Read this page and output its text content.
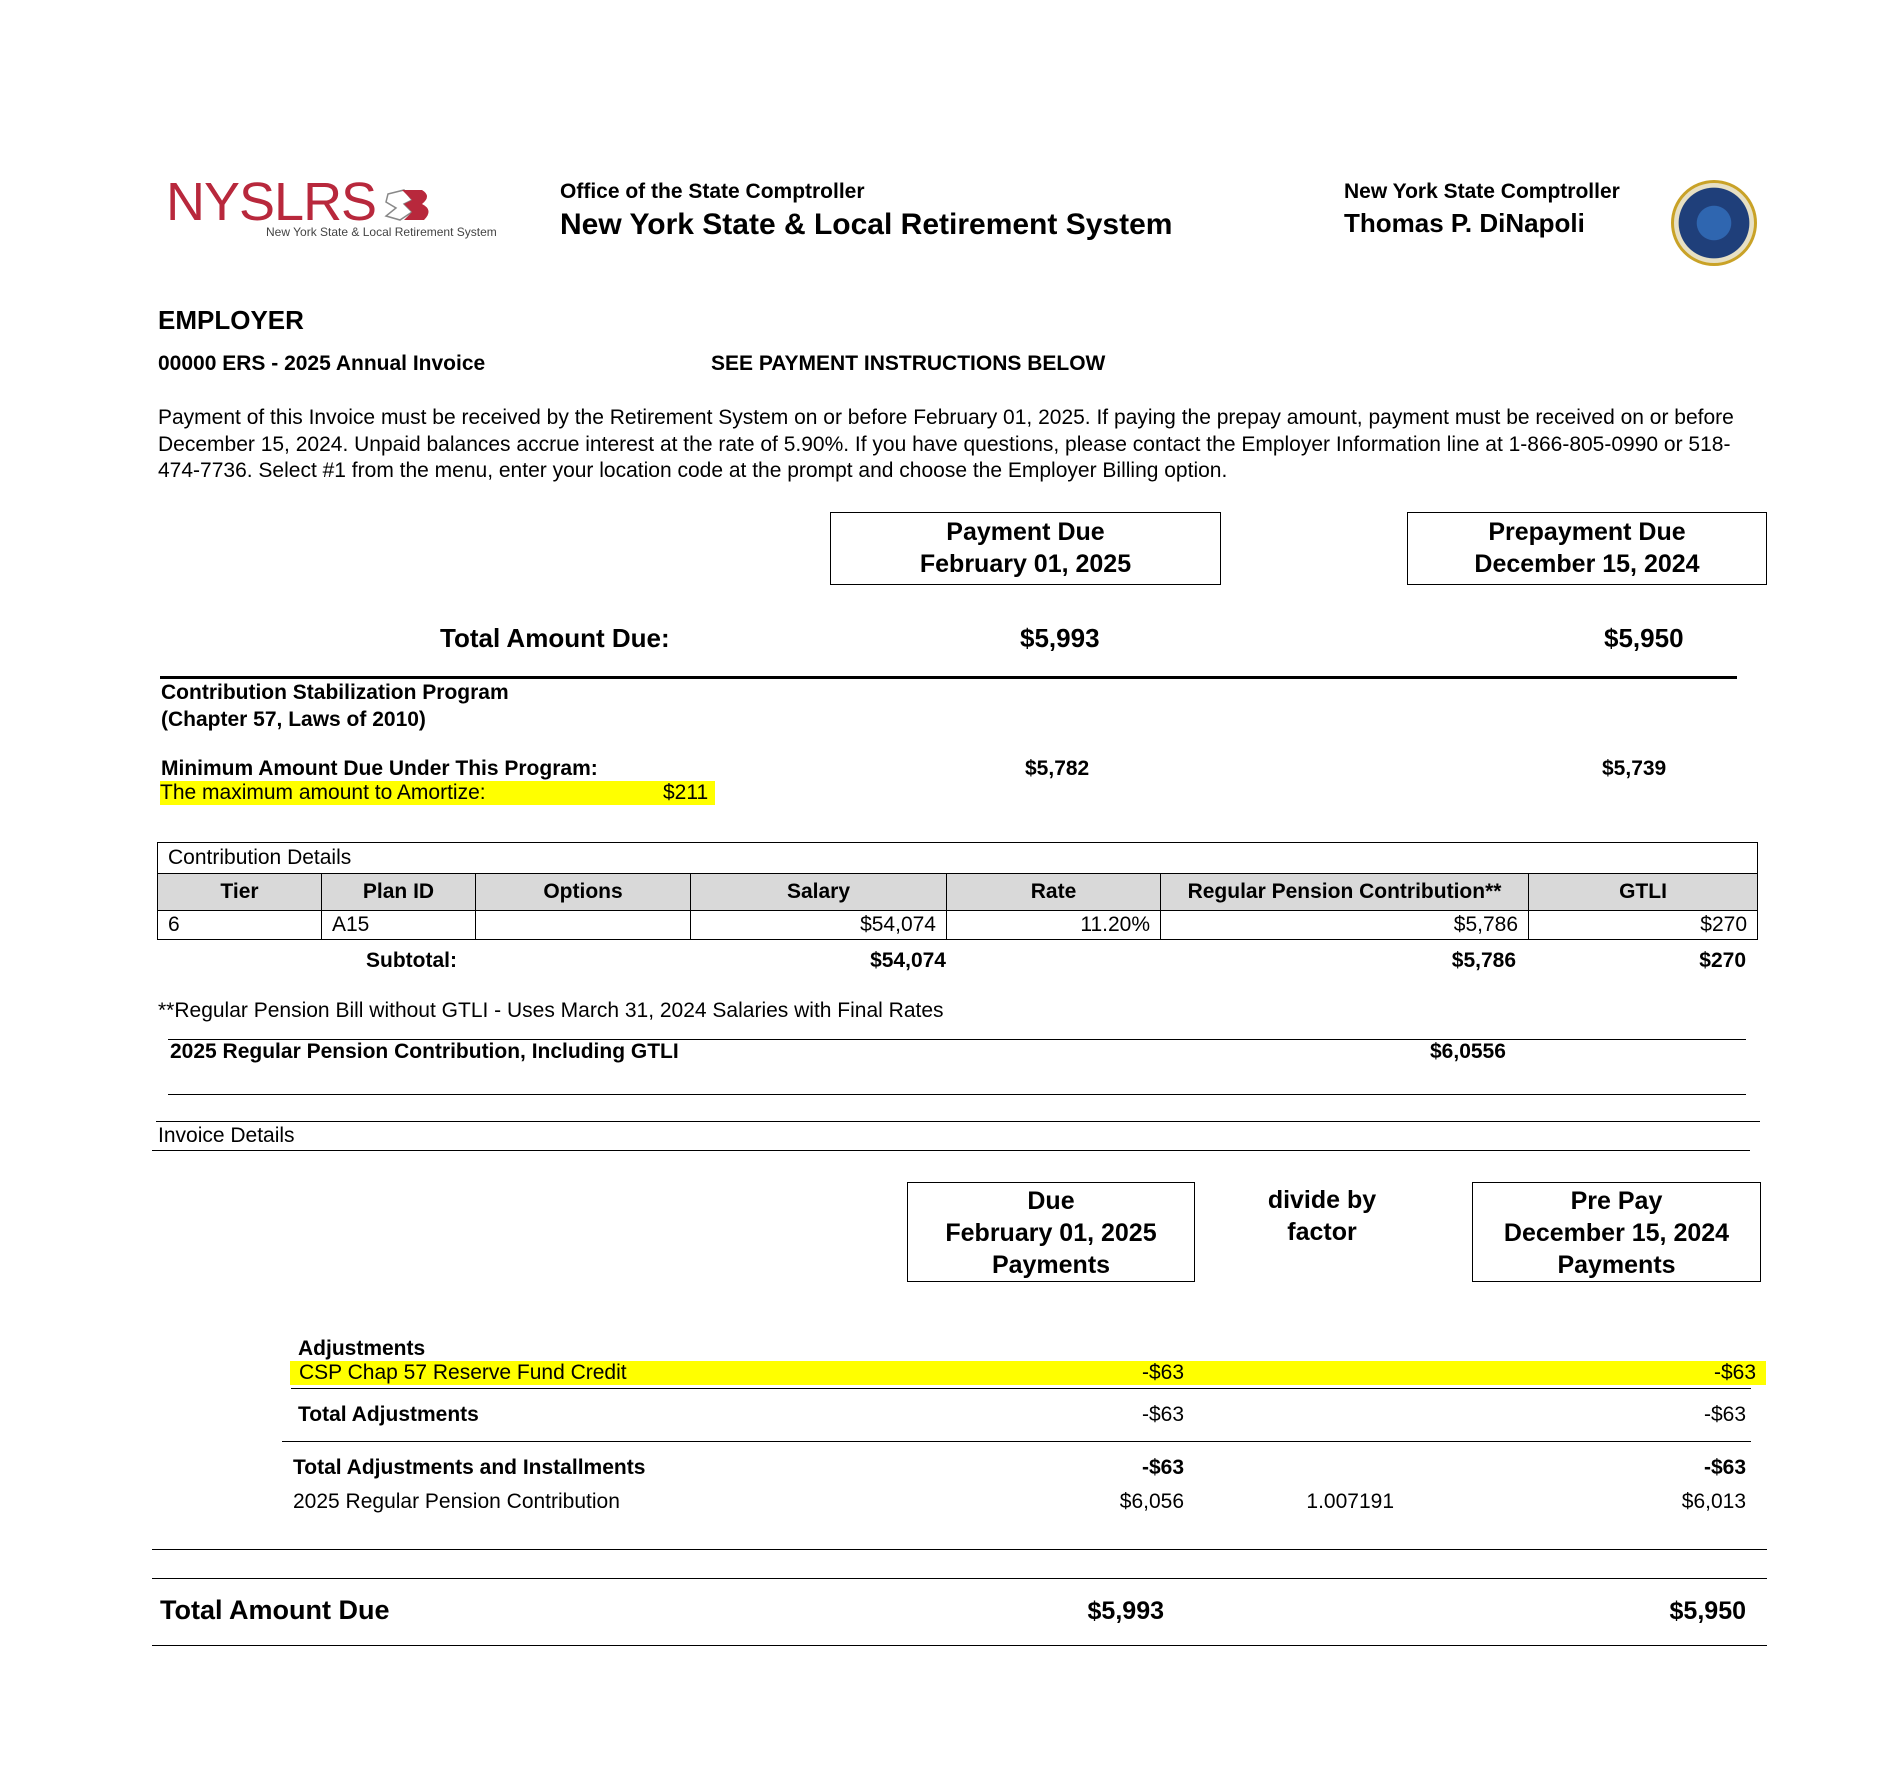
NYSLRS
New York State & Local Retirement System
Office of the State Comptroller
New York State & Local Retirement System
New York State Comptroller
Thomas P. DiNapoli
EMPLOYER
00000 ERS - 2025 Annual Invoice	SEE PAYMENT INSTRUCTIONS BELOW
Payment of this Invoice must be received by the Retirement System on or before February 01, 2025. If paying the prepay amount, payment must be received on or before December 15, 2024. Unpaid balances accrue interest at the rate of 5.90%. If you have questions, please contact the Employer Information line at 1-866-805-0990 or 518-474-7736. Select #1 from the menu, enter your location code at the prompt and choose the Employer Billing option.
Payment Due
February 01, 2025
Prepayment Due
December 15, 2024
Total Amount Due:	$5,993	$5,950
Contribution Stabilization Program
(Chapter 57, Laws of 2010)
Minimum Amount Due Under This Program:	$5,782	$5,739
The maximum amount to Amortize:	$211
Contribution Details						
Tier	Plan ID	Options	Salary	Rate	Regular Pension Contribution**	GTLI
6	A15		$54,074	11.20%	$5,786	$270
Subtotal:	$54,074	$5,786	$270
**Regular Pension Bill without GTLI - Uses March 31, 2024 Salaries with Final Rates
2025 Regular Pension Contribution, Including GTLI	$6,0556
Invoice Details
Due
February 01, 2025
Payments
divide by
factor
Pre Pay
December 15, 2024
Payments
Adjustments
CSP Chap 57 Reserve Fund Credit	-$63	-$63
Total Adjustments	-$63	-$63
Total Adjustments and Installments	-$63	-$63
2025 Regular Pension Contribution	$6,056	1.007191	$6,013
Total Amount Due	$5,993	$5,950
